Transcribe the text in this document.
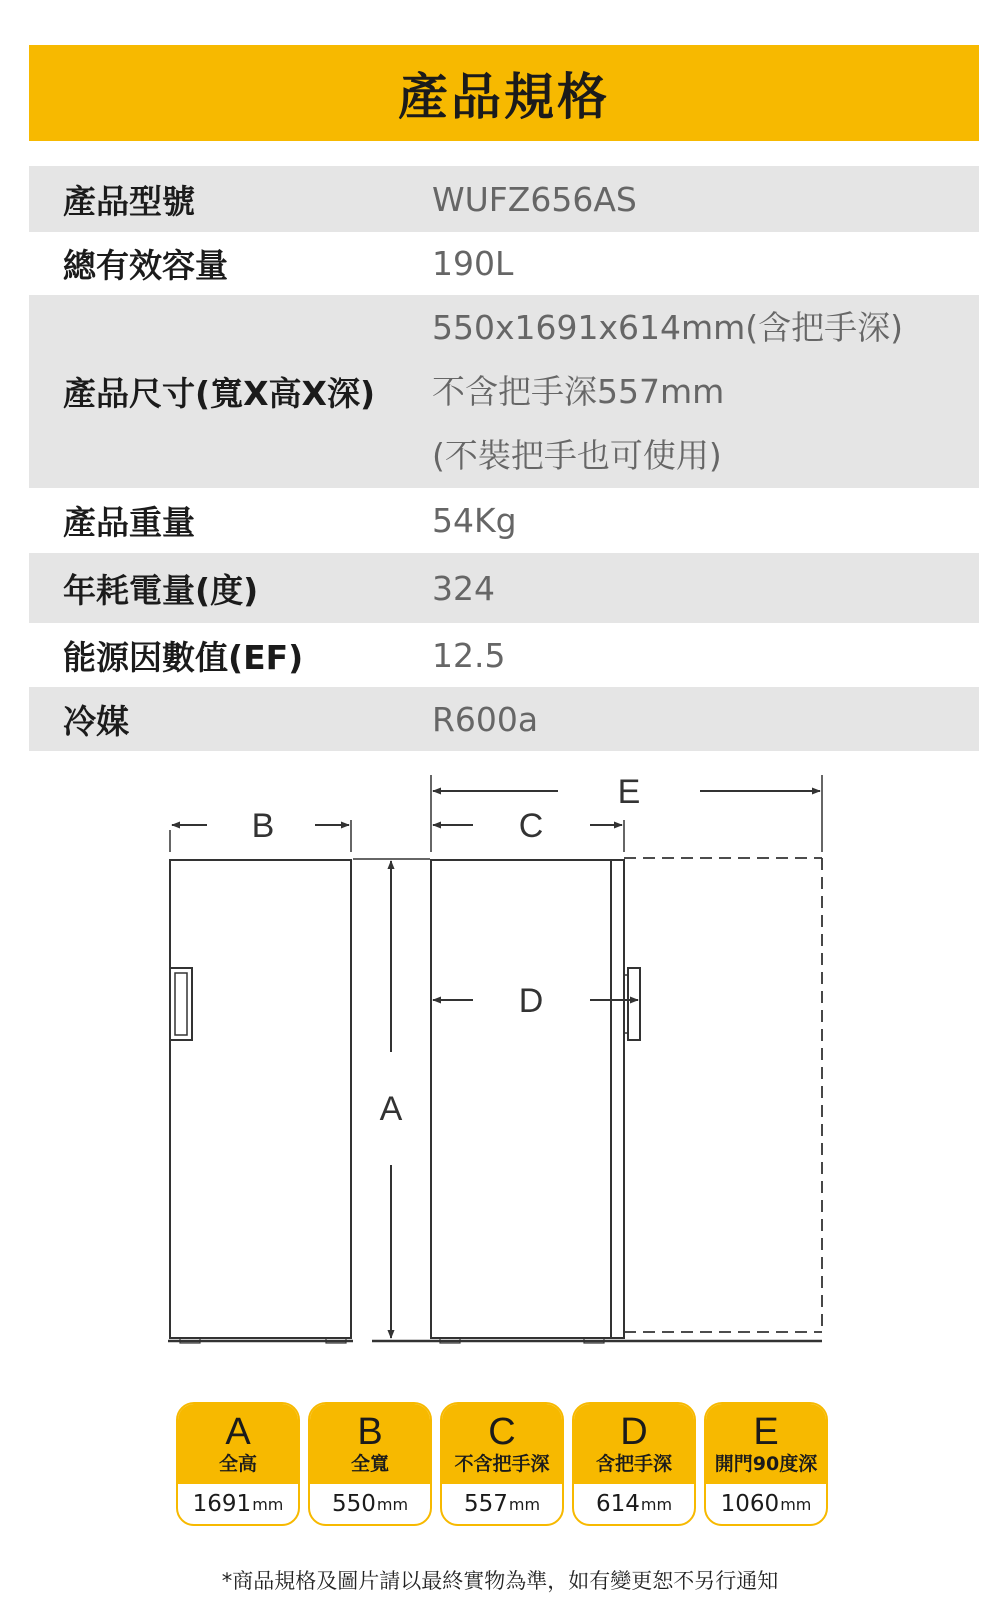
產品規格
產品型號	WUFZ656AS
總有效容量	190L
產品尺寸(寬X高X深)
550x1691x614mm(含把手深)
不含把手深557mm
(不裝把手也可使用)
產品重量	54Kg
年耗電量(度)	324
能源因數值(EF)	12.5
冷媒	R600a
B	C
E
D
A
A
全高
1691 mm
B
全寬
550 mm
C
不含把手深
557 mm
D
含把手深
614 mm
E
開門90度深
1060 mm
*商品規格及圖片請以最終實物為準，如有變更恕不另行通知
